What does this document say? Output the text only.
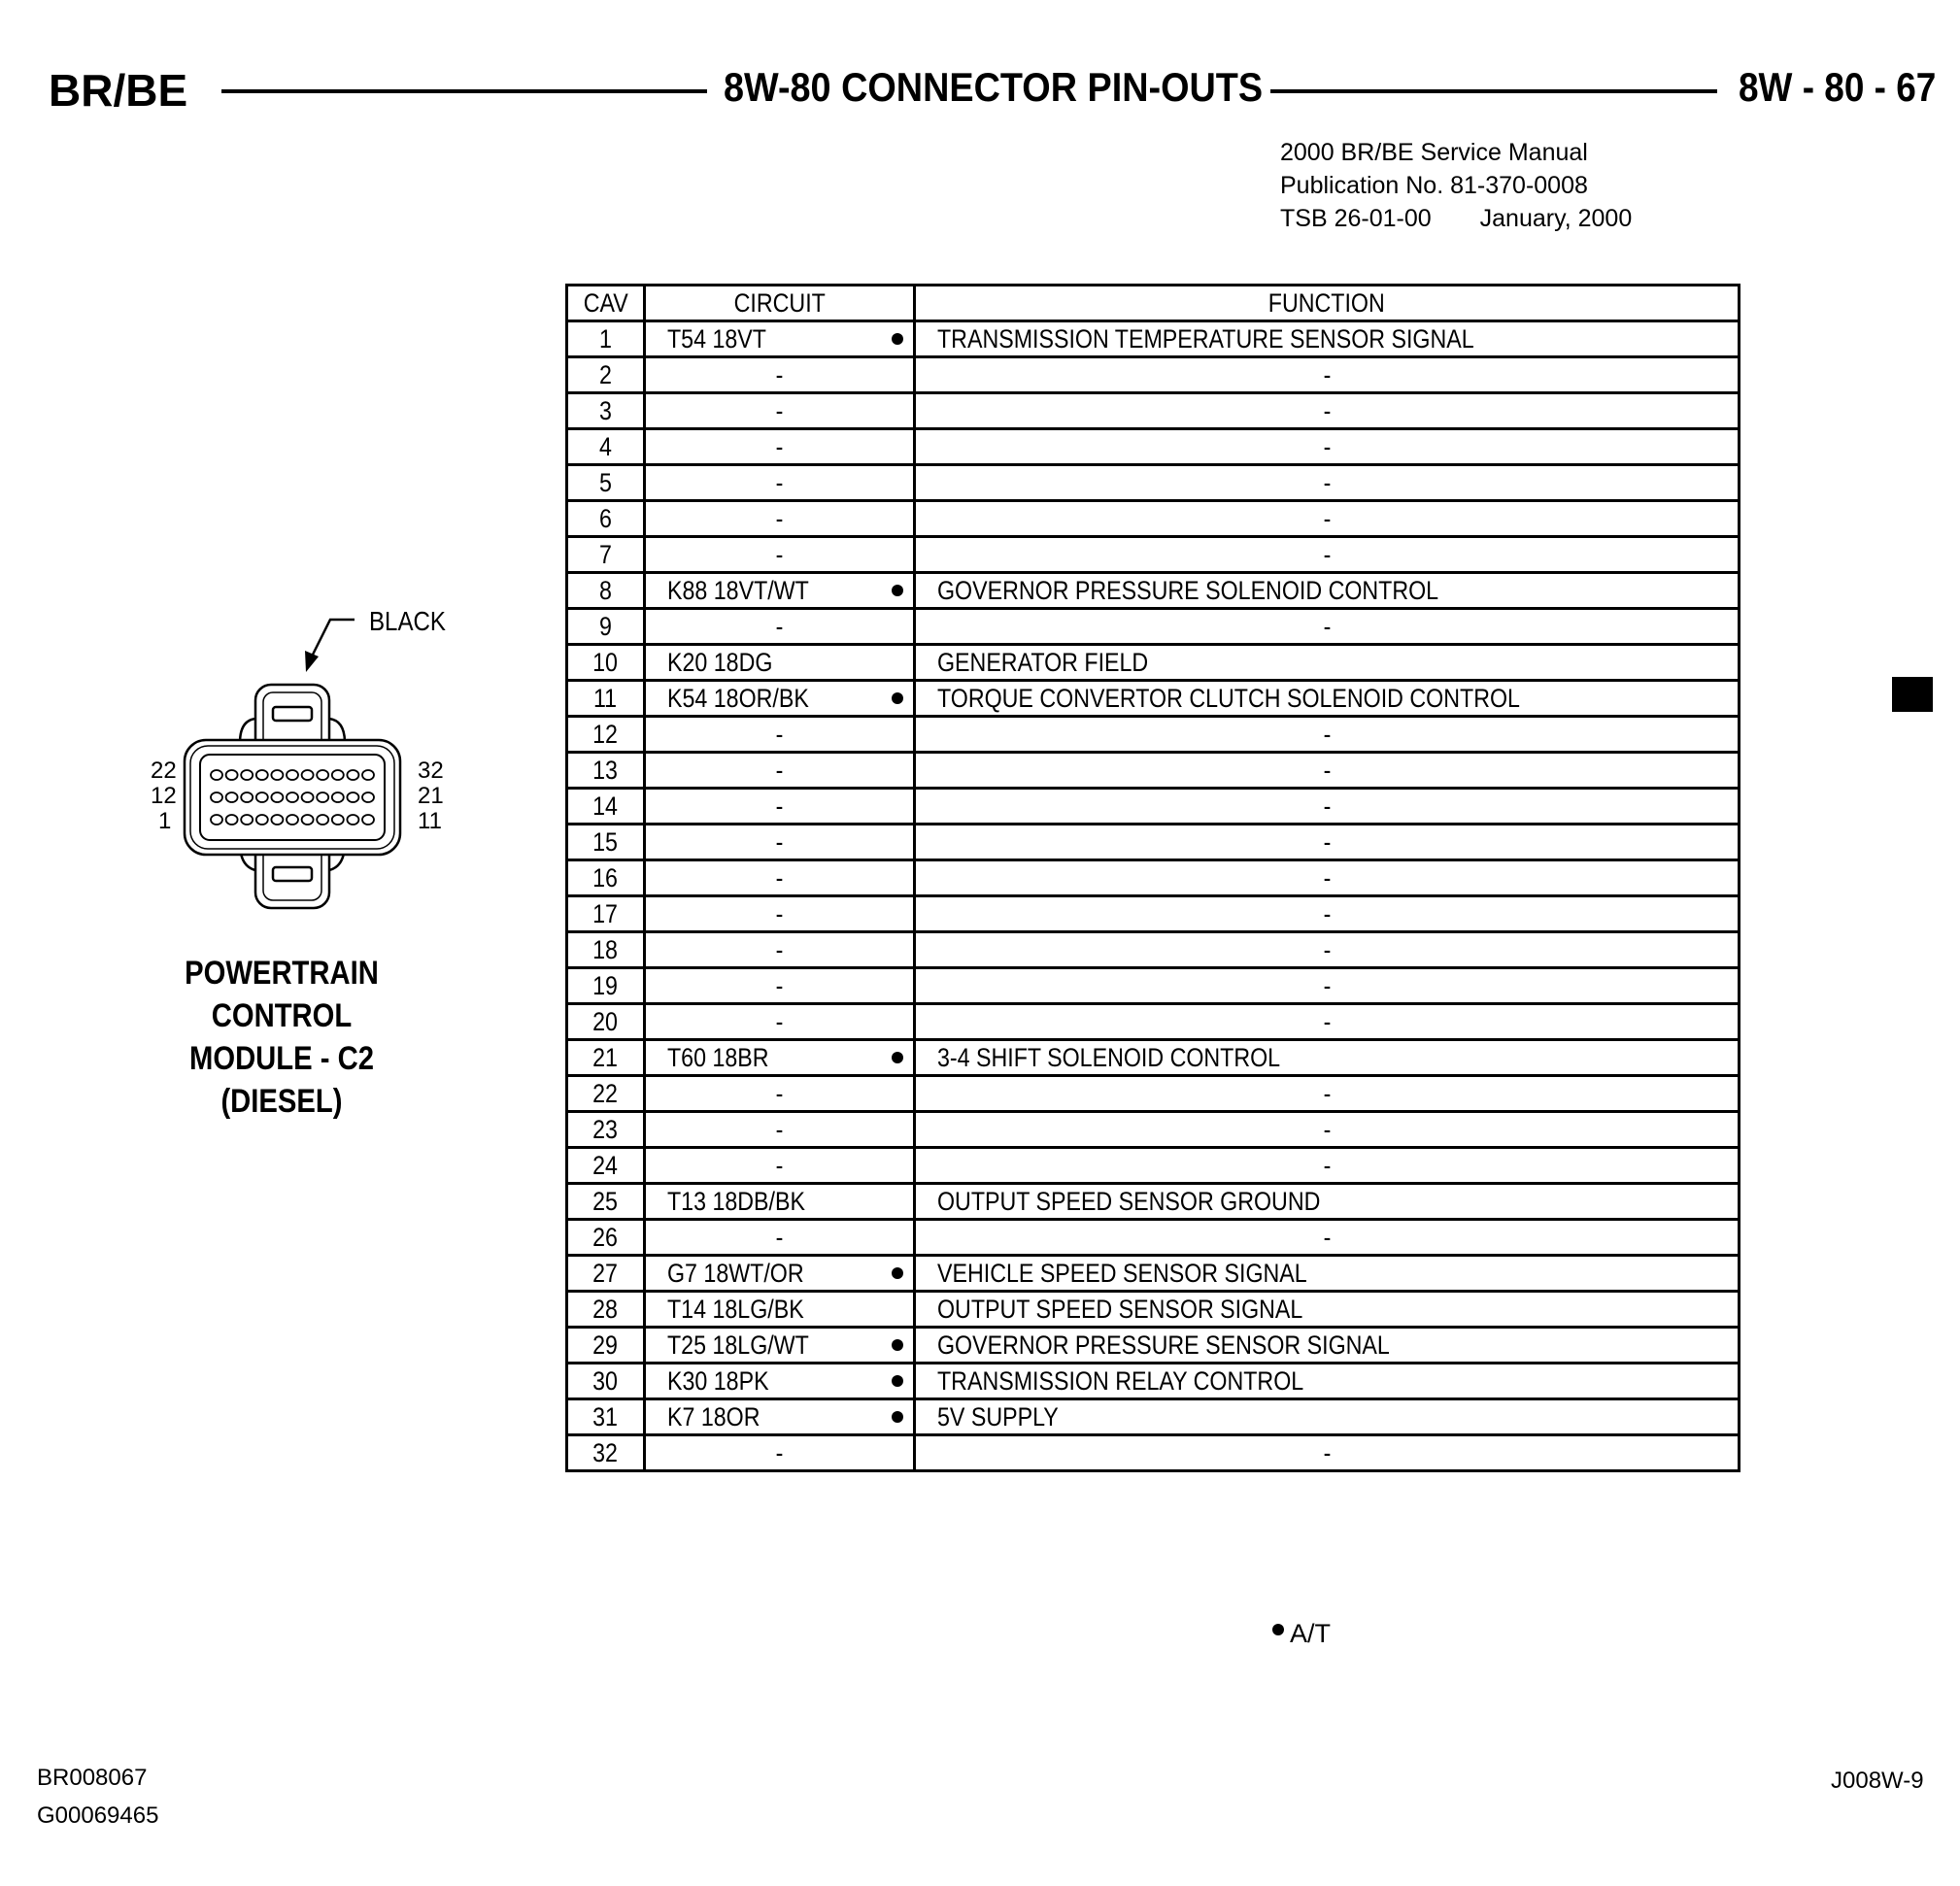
BR/BE	8W-80 CONNECTOR PIN-OUTS	8W - 80 - 67
2000 BR/BE Service Manual
Publication No. 81-370-0008
TSB 26-01-00 January, 2000
BLACK
22
12
1
32
21
11
POWERTRAIN CONTROL
MODULE - C2
(DIESEL)
CAV	CIRCUIT	FUNCTION
1	T54 18VT	TRANSMISSION TEMPERATURE SENSOR SIGNAL
2	-	-
3	-	-
4	-	-
5	-	-
6	-	-
7	-	-
8	K88 18VT/WT	GOVERNOR PRESSURE SOLENOID CONTROL
9	-	-
10	K20 18DG	GENERATOR FIELD
11	K54 18OR/BK	TORQUE CONVERTOR CLUTCH SOLENOID CONTROL
12	-	-
13	-	-
14	-	-
15	-	-
16	-	-
17	-	-
18	-	-
19	-	-
20	-	-
21	T60 18BR	3-4 SHIFT SOLENOID CONTROL
22	-	-
23	-	-
24	-	-
25	T13 18DB/BK	OUTPUT SPEED SENSOR GROUND
26	-	-
27	G7 18WT/OR	VEHICLE SPEED SENSOR SIGNAL
28	T14 18LG/BK	OUTPUT SPEED SENSOR SIGNAL
29	T25 18LG/WT	GOVERNOR PRESSURE SENSOR SIGNAL
30	K30 18PK	TRANSMISSION RELAY CONTROL
31	K7 18OR	5V SUPPLY
32	-	-
A/T
BR008067
G00069465
J008W-9
